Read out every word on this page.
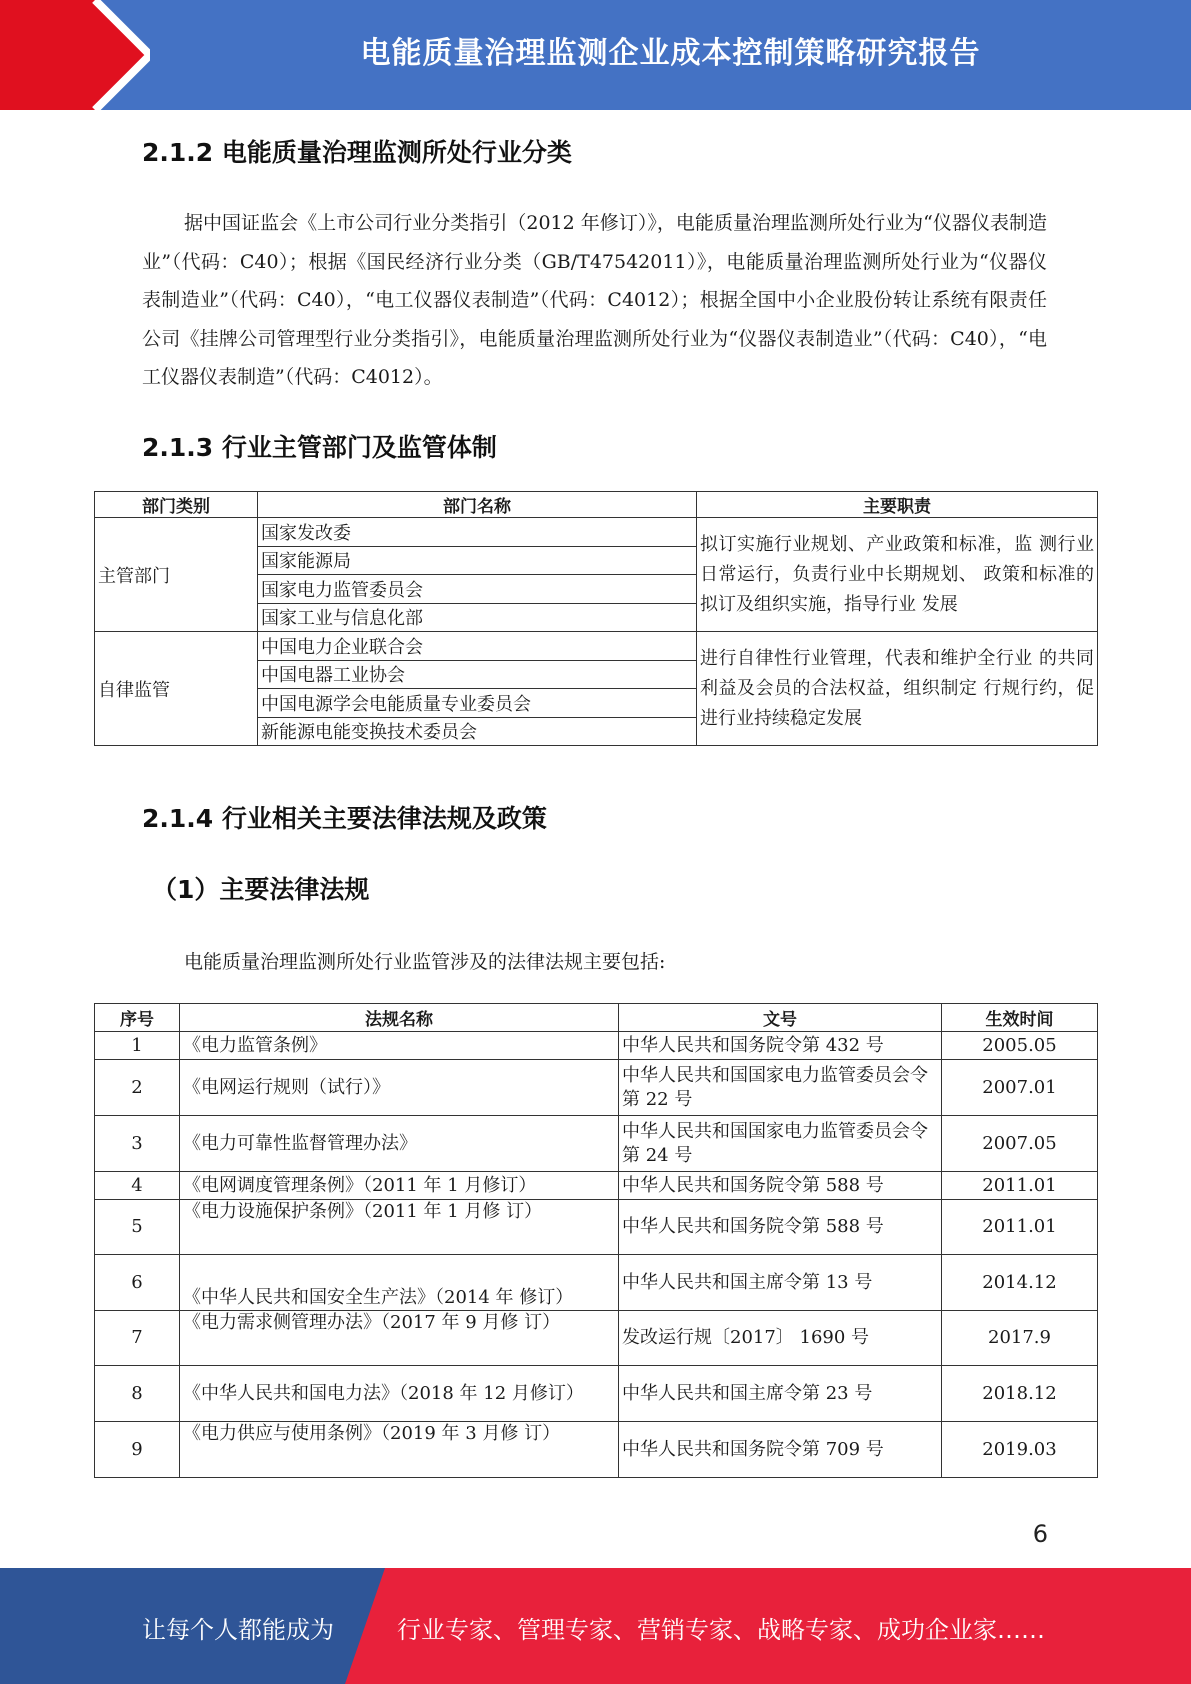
电能质量治理监测企业成本控制策略研究报告
2.1.2 电能质量治理监测所处行业分类

据中国证监会《上市公司行业分类指引（2012 年修订）》，电能质量治理监测所处行业为“仪器仪表制造业”（代码：C40）；根据《国民经济行业分类（GB/T47542011）》，电能质量治理监测所处行业为“仪器仪表制造业”（代码：C40），“电工仪器仪表制造”（代码：C4012）；根据全国中小企业股份转让系统有限责任公司《挂牌公司管理型行业分类指引》，电能质量治理监测所处行业为“仪器仪表制造业”（代码：C40），“电工仪器仪表制造”（代码：C4012）。

2.1.3 行业主管部门及监管体制
部门类别	部门名称	主要职责
主管部门	国家发改委	拟订实施行业规划、产业政策和标准，监 测行业日常运行，负责行业中长期规划、 政策和标准的拟订及组织实施，指导行业 发展
	国家能源局	
	国家电力监管委员会	
	国家工业与信息化部	
自律监管	中国电力企业联合会	进行自律性行业管理，代表和维护全行业 的共同利益及会员的合法权益，组织制定 行规行约，促进行业持续稳定发展
	中国电器工业协会	
	中国电源学会电能质量专业委员会	
	新能源电能变换技术委员会	
2.1.4 行业相关主要法律法规及政策
（1）主要法律法规
电能质量治理监测所处行业监管涉及的法律法规主要包括:
序号	法规名称	文号	生效时间
1	《电力监管条例》	中华人民共和国务院令第 432 号	2005.05
2	《电网运行规则（试行）》	中华人民共和国国家电力监管委员会令第 22 号	2007.01
3	《电力可靠性监督管理办法》	中华人民共和国国家电力监管委员会令第 24 号	2007.05
4	《电网调度管理条例》（2011 年 1 月修订）	中华人民共和国务院令第 588 号	2011.01
5	《电力设施保护条例》（2011 年 1 月修 订）	中华人民共和国务院令第 588 号	2011.01
6	《中华人民共和国安全生产法》（2014 年 修订）	中华人民共和国主席令第 13 号	2014.12
7	《电力需求侧管理办法》（2017 年 9 月修 订）	发改运行规〔2017〕 1690 号	2017.9
8	《中华人民共和国电力法》（2018 年 12 月修订）	中华人民共和国主席令第 23 号	2018.12
9	《电力供应与使用条例》（2019 年 3 月修 订）	中华人民共和国务院令第 709 号	2019.03
6
让每个人都能成为	行业专家、管理专家、营销专家、战略专家、成功企业家……
